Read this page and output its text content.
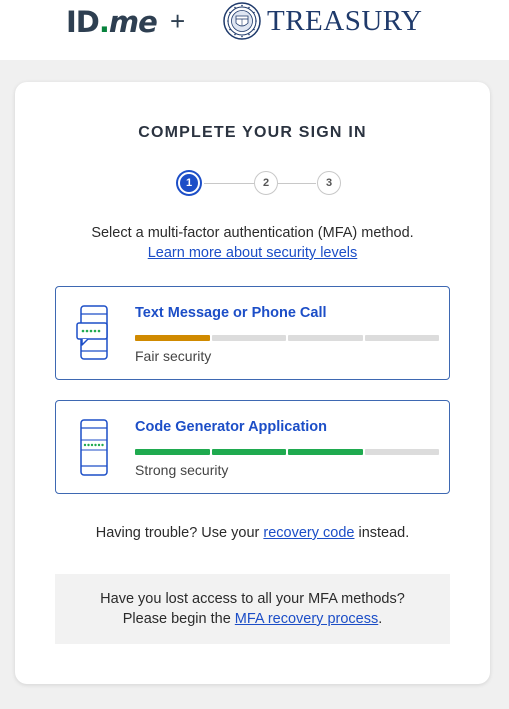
ID.me +	TREASURY
COMPLETE YOUR SIGN IN
1	2	3
Select a multi-factor authentication (MFA) method.
Learn more about security levels
Text Message or Phone Call
Fair security
Code Generator Application
Strong security
Having trouble? Use your recovery code instead.
Have you lost access to all your MFA methods?
Please begin the MFA recovery process.
